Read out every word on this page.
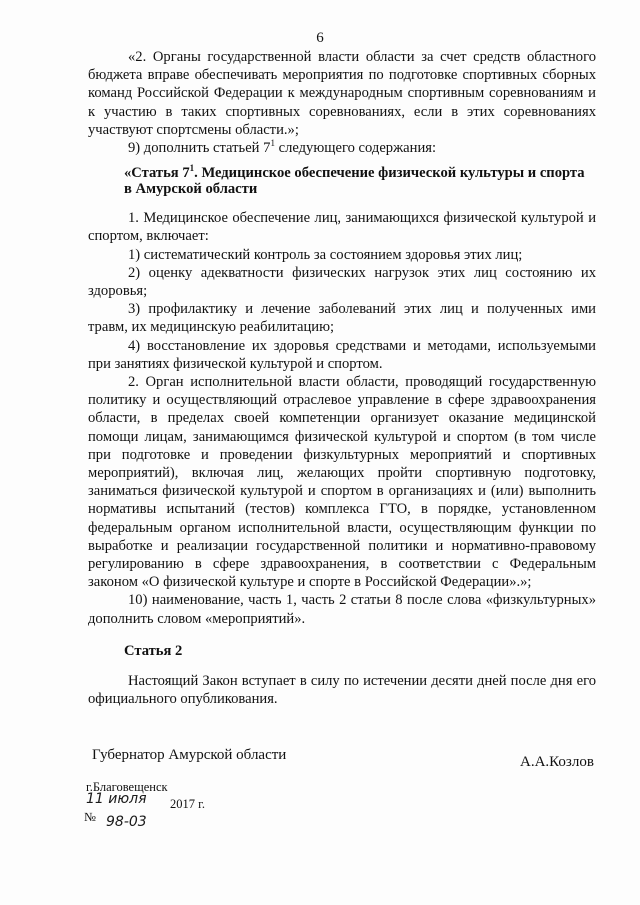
6

«2. Органы государственной власти области за счет средств областного бюджета вправе обеспечивать мероприятия по подготовке спортивных сборных команд Российской Федерации к международным спортивным соревнованиям и к участию в таких спортивных соревнованиях, если в этих соревнованиях участвуют спортсмены области.»;

9) дополнить статьей $7^1$ следующего содержания:

«Статья $7^1$. Медицинское обеспечение физической культуры и спорта в Амурской области

1. Медицинское обеспечение лиц, занимающихся физической культурой и спортом, включает:

1) систематический контроль за состоянием здоровья этих лиц;

2) оценку адекватности физических нагрузок этих лиц состоянию их здоровья;

3) профилактику и лечение заболеваний этих лиц и полученных ими травм, их медицинскую реабилитацию;

4) восстановление их здоровья средствами и методами, используемыми при занятиях физической культурой и спортом.

2. Орган исполнительной власти области, проводящий государственную политику и осуществляющий отраслевое управление в сфере здравоохранения области, в пределах своей компетенции организует оказание медицинской помощи лицам, занимающимся физической культурой и спортом (в том числе при подготовке и проведении физкультурных мероприятий и спортивных мероприятий), включая лиц, желающих пройти спортивную подготовку, заниматься физической культурой и спортом в организациях и (или) выполнить нормативы испытаний (тестов) комплекса ГТО, в порядке, установленном федеральным органом исполнительной власти, осуществляющим функции по выработке и реализации государственной политики и нормативно-правовому регулированию в сфере здравоохранения, в соответствии с Федеральным законом «О физической культуре и спорте в Российской Федерации».»;

10) наименование, часть 1, часть 2 статьи 8 после слова «физкультурных» дополнить словом «мероприятий».

Статья 2

Настоящий Закон вступает в силу по истечении десяти дней после дня его официального опубликования.

Губернатор Амурской области	А.А.Козлов
г.Благовещенск
11 июля 2017 г.
№ 98-03
